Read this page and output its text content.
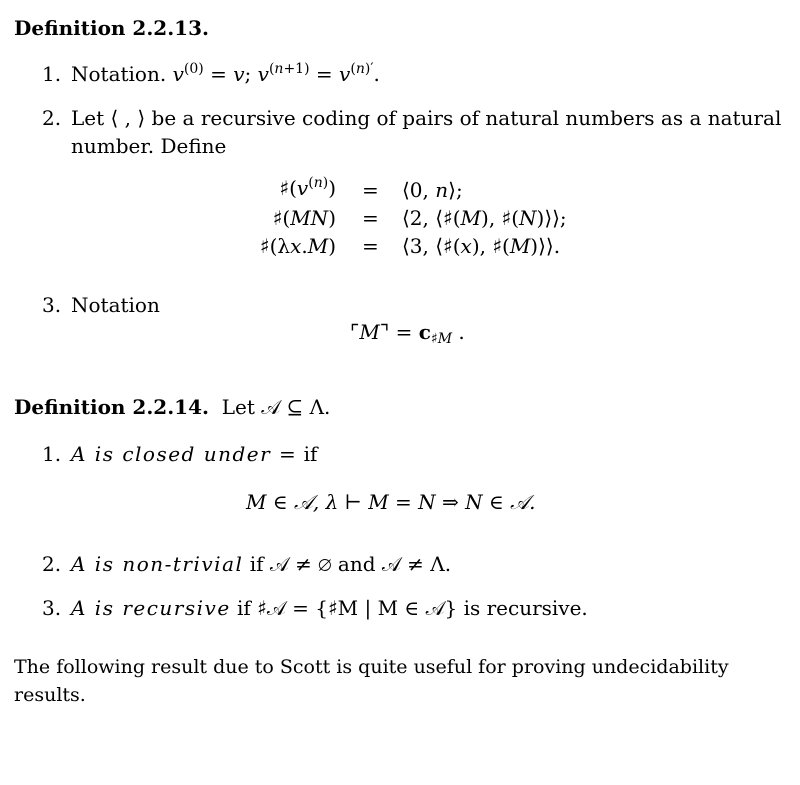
Definition 2.2.13.
1. Notation. $v^{(0)} = v$; $v^{(n+1)} = v^{(n)'}$.
2. Let ⟨ , ⟩ be a recursive coding of pairs of natural numbers as a natural
number. Define
$♯(v^{(n)})$ = ⟨0, n⟩;
♯(MN) = ⟨2, ⟨♯(M), ♯(N)⟩⟩;
♯(λx.M) = ⟨3, ⟨♯(x), ♯(M)⟩⟩.
3. Notation
⌜M⌝ = $c_{♯M}$ .
Definition 2.2.14. Let 𝒜 ⊆ Λ.
1. A is closed under = if
M ∈ 𝒜, λ ⊢ M = N ⇒ N ∈ 𝒜.
2. A is non-trivial if 𝒜 ≠ ∅ and 𝒜 ≠ Λ.
3. A is recursive if ♯𝒜 = {♯M | M ∈ 𝒜} is recursive.
The following result due to Scott is quite useful for proving undecidability
results.
